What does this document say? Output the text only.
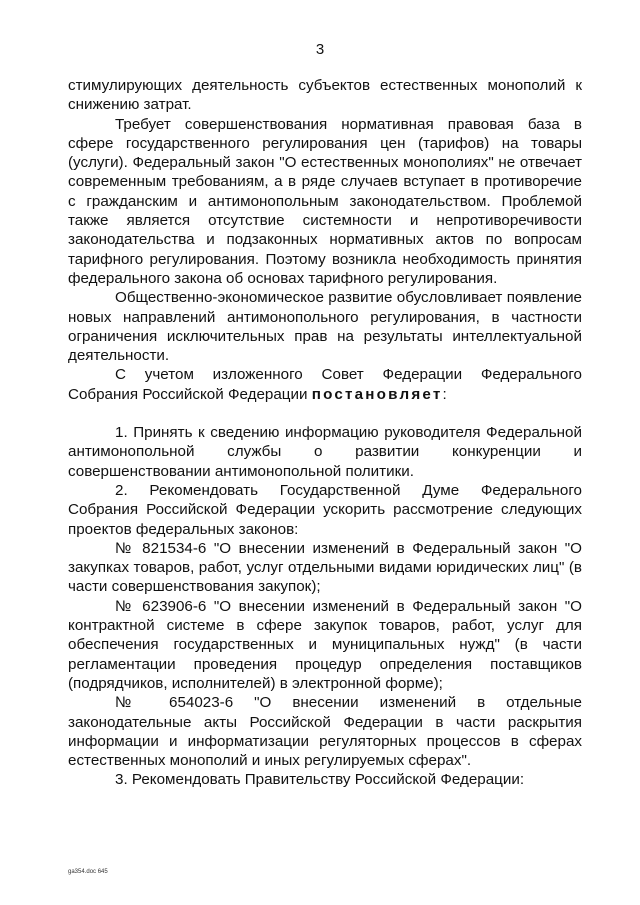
3

стимулирующих деятельность субъектов естественных монополий к снижению затрат.

Требует совершенствования нормативная правовая база в сфере государственного регулирования цен (тарифов) на товары (услуги). Федеральный закон "О естественных монополиях" не отвечает современным требованиям, а в ряде случаев вступает в противоречие с гражданским и антимонопольным законодательством. Проблемой также является отсутствие системности и непротиворечивости законодательства и подзаконных нормативных актов по вопросам тарифного регулирования. Поэтому возникла необходимость принятия федерального закона об основах тарифного регулирования.

Общественно-экономическое развитие обусловливает появление новых направлений антимонопольного регулирования, в частности ограничения исключительных прав на результаты интеллектуальной деятельности.

С учетом изложенного Совет Федерации Федерального Собрания Российской Федерации постановляет:

1. Принять к сведению информацию руководителя Федеральной антимонопольной службы о развитии конкуренции и совершенствовании антимонопольной политики.

2. Рекомендовать Государственной Думе Федерального Собрания Российской Федерации ускорить рассмотрение следующих проектов федеральных законов:

№ 821534-6 "О внесении изменений в Федеральный закон "О закупках товаров, работ, услуг отдельными видами юридических лиц" (в части совершенствования закупок);

№ 623906-6 "О внесении изменений в Федеральный закон "О контрактной системе в сфере закупок товаров, работ, услуг для обеспечения государственных и муниципальных нужд" (в части регламентации проведения процедур определения поставщиков (подрядчиков, исполнителей) в электронной форме);

№ 654023-6 "О внесении изменений в отдельные законодательные акты Российской Федерации в части раскрытия информации и информатизации регуляторных процессов в сферах естественных монополий и иных регулируемых сферах".

3. Рекомендовать Правительству Российской Федерации:

ga354.doc 645
